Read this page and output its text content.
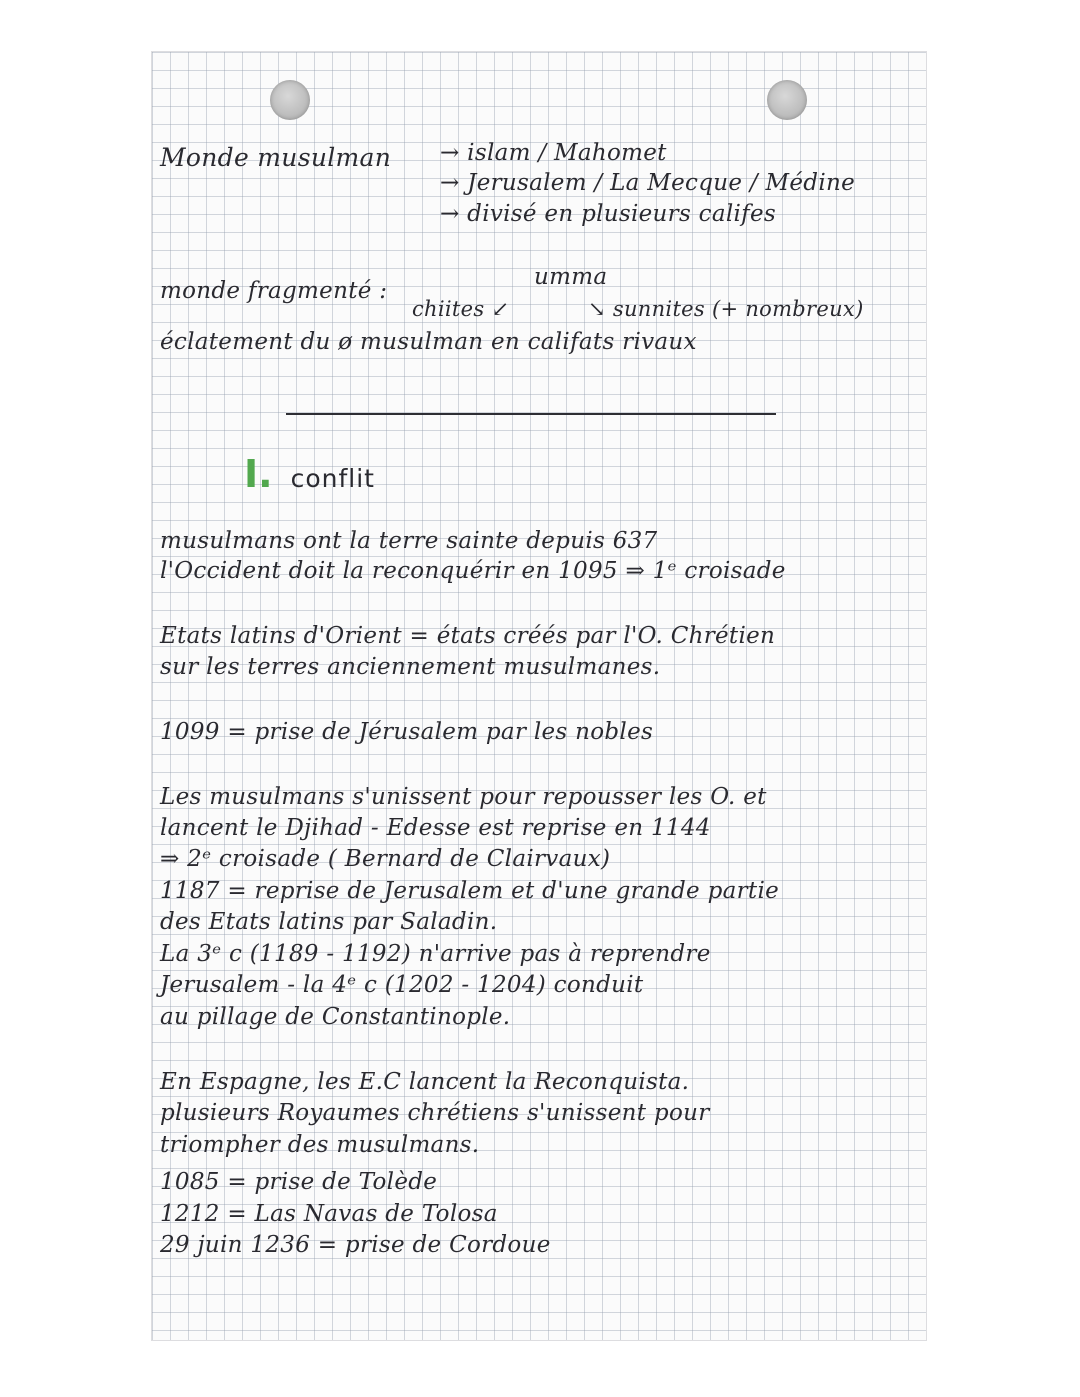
Monde musulman → islam / Mahomet
→ Jerusalem / La Mecque / Médine
→ divisé en plusieurs califes
monde fragmenté :
umma
chiites ↙	↘ sunnites (+ nombreux)
éclatement du ø musulman en califats rivaux
I. conflit
musulmans ont la terre sainte depuis 637
l'Occident doit la reconquérir en 1095 ⇒ 1ᵉ croisade
Etats latins d'Orient = états créés par l'O. Chrétien
sur les terres anciennement musulmanes.
1099 = prise de Jérusalem par les nobles
Les musulmans s'unissent pour repousser les O. et
lancent le Djihad - Edesse est reprise en 1144
⇒ 2ᵉ croisade ( Bernard de Clairvaux)
1187 = reprise de Jerusalem et d'une grande partie
des Etats latins par Saladin.
La 3ᵉ c (1189 - 1192) n'arrive pas à reprendre
Jerusalem - la 4ᵉ c (1202 - 1204) conduit
au pillage de Constantinople.
En Espagne, les E.C lancent la Reconquista.
plusieurs Royaumes chrétiens s'unissent pour
triompher des musulmans.
1085 = prise de Tolède
1212 = Las Navas de Tolosa
29 juin 1236 = prise de Cordoue
